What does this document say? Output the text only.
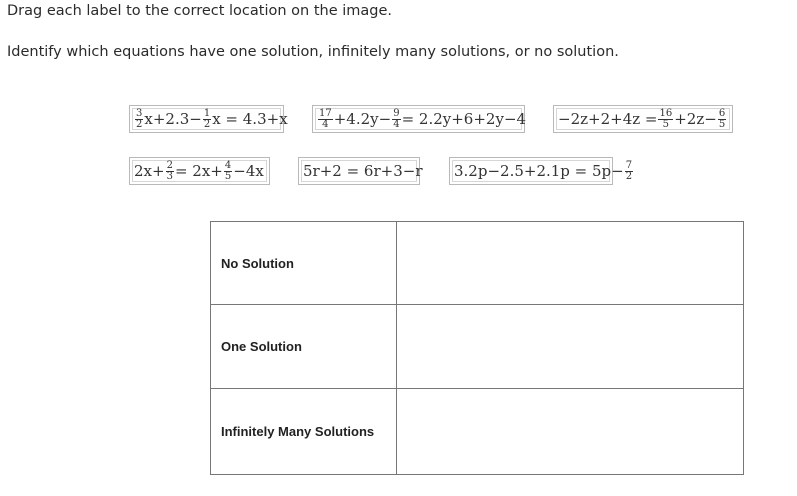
Drag each label to the correct location on the image.
Identify which equations have one solution, infinitely many solutions, or no solution.
$\frac{3}{2} x+2.3- \frac{1}{2}$ x = 4.3+x	$\frac{17}{4} +4.2y- \frac{9}{4} = 2.2y+6+2y-4 -2z+2+4z = \frac{16}{5} +2z- \frac{6}{5}$
$2x+ \frac{2}{3} = 2x+ \frac{4}{5} -4x$	5r+2 = 6r+3−r $3.2p-2.5+2.1p = 5p- \frac{7}{2}$
No Solution	
One Solution	
Infinitely Many Solutions	
